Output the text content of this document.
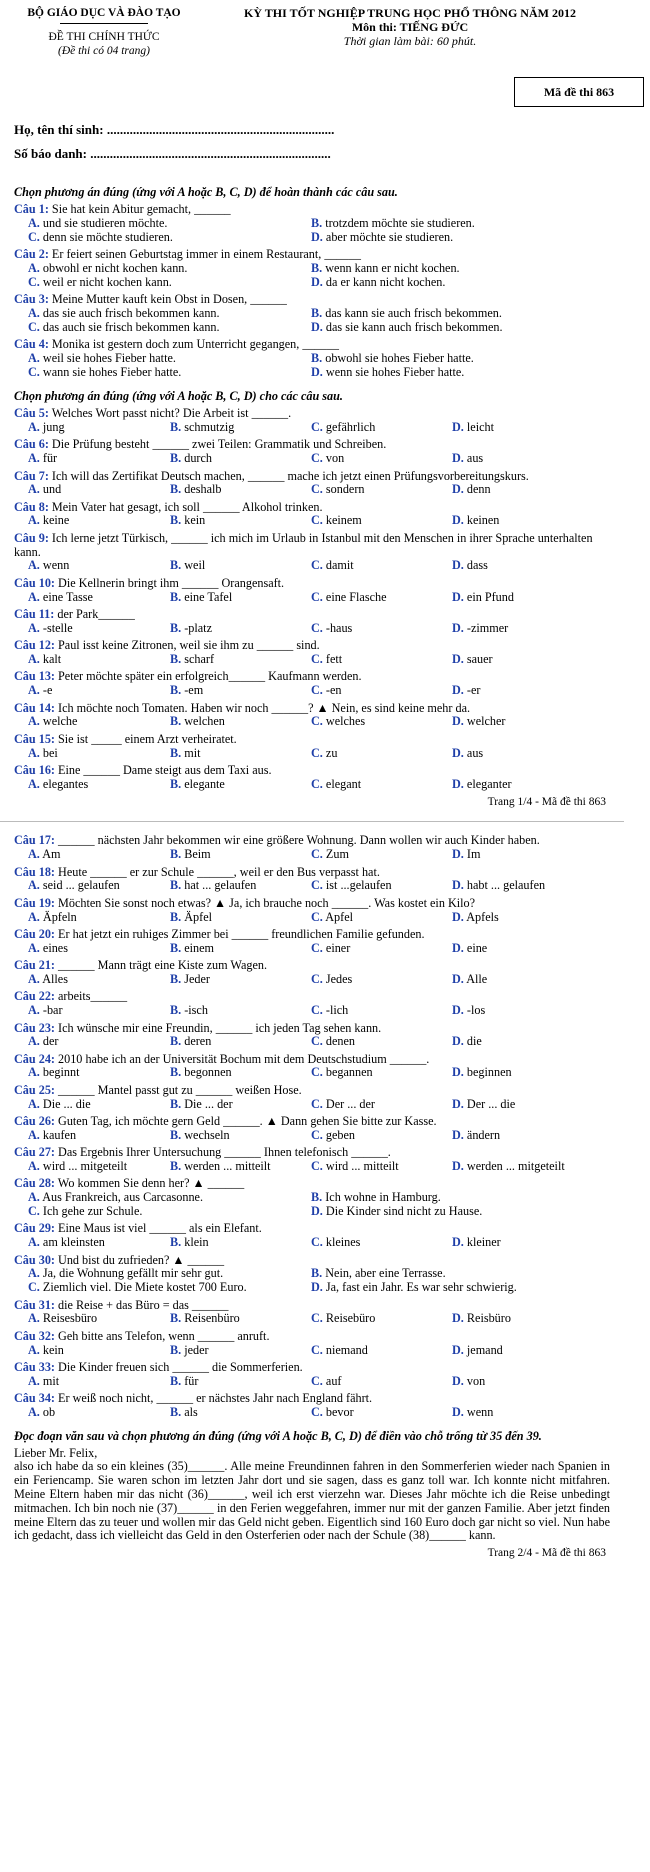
BỘ GIÁO DỤC VÀ ĐÀO TẠO
ĐỀ THI CHÍNH THỨC
(Đề thi có 04 trang)
KỲ THI TỐT NGHIỆP TRUNG HỌC PHỔ THÔNG NĂM 2012
Môn thi: TIẾNG ĐỨC
Thời gian làm bài: 60 phút.
Mã đề thi 863
Họ, tên thí sinh: ......................................................................
Số báo danh: ..........................................................................
Chọn phương án đúng (ứng với A hoặc B, C, D) để hoàn thành các câu sau.
Câu 1: Sie hat kein Abitur gemacht, ______
A. und sie studieren möchte.	B. trotzdem möchte sie studieren.
C. denn sie möchte studieren.	D. aber möchte sie studieren.
Câu 2: Er feiert seinen Geburtstag immer in einem Restaurant, ______
A. obwohl er nicht kochen kann.	B. wenn kann er nicht kochen.
C. weil er nicht kochen kann.	D. da er kann nicht kochen.
Câu 3: Meine Mutter kauft kein Obst in Dosen, ______
A. das sie auch frisch bekommen kann.	B. das kann sie auch frisch bekommen.
C. das auch sie frisch bekommen kann.	D. das sie kann auch frisch bekommen.
Câu 4: Monika ist gestern doch zum Unterricht gegangen, ______
A. weil sie hohes Fieber hatte.	B. obwohl sie hohes Fieber hatte.
C. wann sie hohes Fieber hatte.	D. wenn sie hohes Fieber hatte.
Chọn phương án đúng (ứng với A hoặc B, C, D) cho các câu sau.
Câu 5: Welches Wort passt nicht? Die Arbeit ist ______.
A. jung	B. schmutzig	C. gefährlich	D. leicht
Câu 6: Die Prüfung besteht ______ zwei Teilen: Grammatik und Schreiben.
A. für	B. durch	C. von	D. aus
Câu 7: Ich will das Zertifikat Deutsch machen, ______ mache ich jetzt einen Prüfungsvorbereitungskurs.
A. und	B. deshalb	C. sondern	D. denn
Câu 8: Mein Vater hat gesagt, ich soll ______ Alkohol trinken.
A. keine	B. kein	C. keinem	D. keinen
Câu 9: Ich lerne jetzt Türkisch, ______ ich mich im Urlaub in Istanbul mit den Menschen in ihrer Sprache unterhalten kann.
A. wenn	B. weil	C. damit	D. dass
Câu 10: Die Kellnerin bringt ihm ______ Orangensaft.
A. eine Tasse	B. eine Tafel	C. eine Flasche	D. ein Pfund
Câu 11: der Park______
A. -stelle	B. -platz	C. -haus	D. -zimmer
Câu 12: Paul isst keine Zitronen, weil sie ihm zu ______ sind.
A. kalt	B. scharf	C. fett	D. sauer
Câu 13: Peter möchte später ein erfolgreich______ Kaufmann werden.
A. -e	B. -em	C. -en	D. -er
Câu 14: Ich möchte noch Tomaten. Haben wir noch ______? ▲ Nein, es sind keine mehr da.
A. welche	B. welchen	C. welches	D. welcher
Câu 15: Sie ist _____ einem Arzt verheiratet.
A. bei	B. mit	C. zu	D. aus
Câu 16: Eine ______ Dame steigt aus dem Taxi aus.
A. elegantes	B. elegante	C. elegant	D. eleganter
Trang 1/4 - Mã đề thi 863
Câu 17: ______ nächsten Jahr bekommen wir eine größere Wohnung. Dann wollen wir auch Kinder haben.
A. Am	B. Beim	C. Zum	D. Im
Câu 18: Heute ______ er zur Schule ______, weil er den Bus verpasst hat.
A. seid ... gelaufen	B. hat ... gelaufen	C. ist ...gelaufen	D. habt ... gelaufen
Câu 19: Möchten Sie sonst noch etwas? ▲ Ja, ich brauche noch ______. Was kostet ein Kilo?
A. Äpfeln	B. Äpfel	C. Apfel	D. Apfels
Câu 20: Er hat jetzt ein ruhiges Zimmer bei ______ freundlichen Familie gefunden.
A. eines	B. einem	C. einer	D. eine
Câu 21: ______ Mann trägt eine Kiste zum Wagen.
A. Alles	B. Jeder	C. Jedes	D. Alle
Câu 22: arbeits______
A. -bar	B. -isch	C. -lich	D. -los
Câu 23: Ich wünsche mir eine Freundin, ______ ich jeden Tag sehen kann.
A. der	B. deren	C. denen	D. die
Câu 24: 2010 habe ich an der Universität Bochum mit dem Deutschstudium ______.
A. beginnt	B. begonnen	C. begannen	D. beginnen
Câu 25: ______ Mantel passt gut zu ______ weißen Hose.
A. Die ... die	B. Die ... der	C. Der ... der	D. Der ... die
Câu 26: Guten Tag, ich möchte gern Geld ______. ▲ Dann gehen Sie bitte zur Kasse.
A. kaufen	B. wechseln	C. geben	D. ändern
Câu 27: Das Ergebnis Ihrer Untersuchung ______ Ihnen telefonisch ______.
A. wird ... mitgeteilt	B. werden ... mitteilt	C. wird ... mitteilt	D. werden ... mitgeteilt
Câu 28: Wo kommen Sie denn her? ▲ ______
A. Aus Frankreich, aus Carcasonne.	B. Ich wohne in Hamburg.
C. Ich gehe zur Schule.	D. Die Kinder sind nicht zu Hause.
Câu 29: Eine Maus ist viel ______ als ein Elefant.
A. am kleinsten	B. klein	C. kleines	D. kleiner
Câu 30: Und bist du zufrieden? ▲ ______
A. Ja, die Wohnung gefällt mir sehr gut.	B. Nein, aber eine Terrasse.
C. Ziemlich viel. Die Miete kostet 700 Euro.	D. Ja, fast ein Jahr. Es war sehr schwierig.
Câu 31: die Reise + das Büro = das ______
A. Reisesbüro	B. Reisenbüro	C. Reisebüro	D. Reisbüro
Câu 32: Geh bitte ans Telefon, wenn ______ anruft.
A. kein	B. jeder	C. niemand	D. jemand
Câu 33: Die Kinder freuen sich ______ die Sommerferien.
A. mit	B. für	C. auf	D. von
Câu 34: Er weiß noch nicht, ______ er nächstes Jahr nach England fährt.
A. ob	B. als	C. bevor	D. wenn
Đọc đoạn văn sau và chọn phương án đúng (ứng với A hoặc B, C, D) để điền vào chỗ trống từ 35 đến 39.
Lieber Mr. Felix,
also ich habe da so ein kleines (35)______. Alle meine Freundinnen fahren in den Sommerferien wieder nach Spanien in ein Feriencamp. Sie waren schon im letzten Jahr dort und sie sagen, dass es ganz toll war. Ich konnte nicht mitfahren. Meine Eltern haben mir das nicht (36)______, weil ich erst vierzehn war. Dieses Jahr möchte ich die Reise unbedingt mitmachen. Ich bin noch nie (37)______ in den Ferien weggefahren, immer nur mit der ganzen Familie. Aber jetzt finden meine Eltern das zu teuer und wollen mir das Geld nicht geben. Eigentlich sind 160 Euro doch gar nicht so viel. Nun habe ich gedacht, dass ich vielleicht das Geld in den Osterferien oder nach der Schule (38)______ kann.
Trang 2/4 - Mã đề thi 863
